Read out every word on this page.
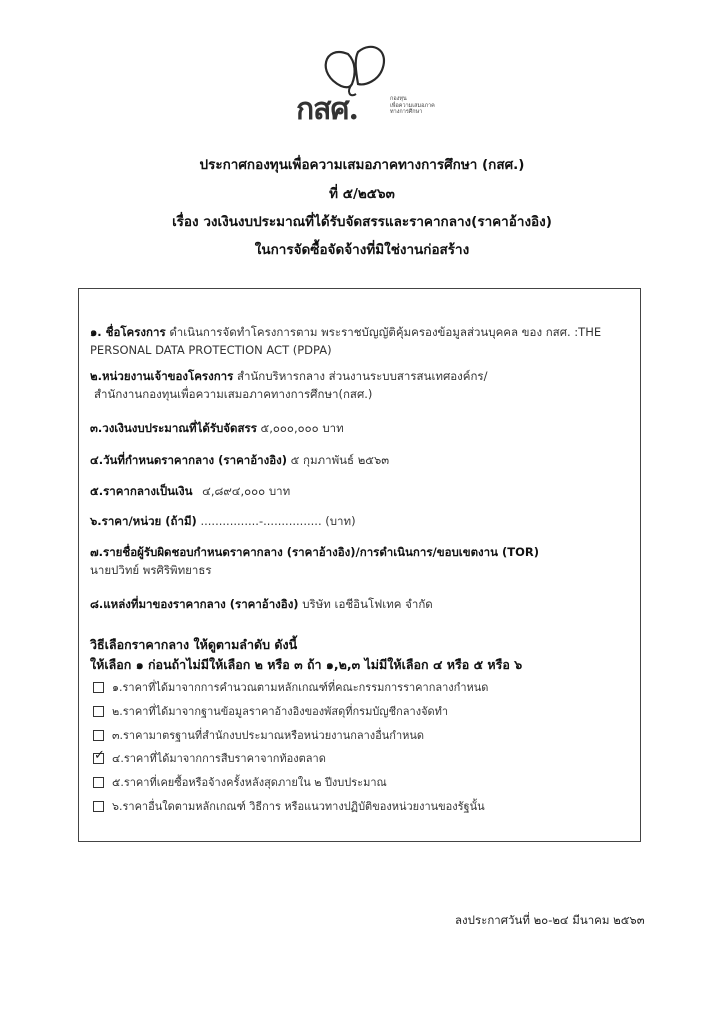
กสศ.	กองทุน
เพื่อความเสมอภาค
ทางการศึกษา
ประกาศกองทุนเพื่อความเสมอภาคทางการศึกษา (กสศ.)
ที่ ๕/๒๕๖๓
เรื่อง วงเงินงบประมาณที่ได้รับจัดสรรและราคากลาง(ราคาอ้างอิง)
ในการจัดซื้อจัดจ้างที่มิใช่งานก่อสร้าง
๑. ชื่อโครงการ ดำเนินการจัดทำโครงการตาม พระราชบัญญัติคุ้มครองข้อมูลส่วนบุคคล ของ กสศ. :THE
PERSONAL DATA PROTECTION ACT (PDPA)
๒.หน่วยงานเจ้าของโครงการ สำนักบริหารกลาง ส่วนงานระบบสารสนเทศองค์กร/
สำนักงานกองทุนเพื่อความเสมอภาคทางการศึกษา(กสศ.)
๓.วงเงินงบประมาณที่ได้รับจัดสรร ๕,๐๐๐,๐๐๐ บาท
๔.วันที่กำหนดราคากลาง (ราคาอ้างอิง) ๕ กุมภาพันธ์ ๒๕๖๓
๕.ราคากลางเป็นเงิน ๔,๘๙๔,๐๐๐ บาท
๖.ราคา/หน่วย (ถ้ามี) ................-................ (บาท)
๗.รายชื่อผู้รับผิดชอบกำหนดราคากลาง (ราคาอ้างอิง)/การดำเนินการ/ขอบเขตงาน (TOR)
นายปวิทย์ พรศิริพิทยาธร
๘.แหล่งที่มาของราคากลาง (ราคาอ้างอิง) บริษัท เอชีอินโฟเทค จำกัด
วิธีเลือกราคากลาง ให้ดูตามลำดับ ดังนี้
ให้เลือก ๑ ก่อนถ้าไม่มีให้เลือก ๒ หรือ ๓ ถ้า ๑,๒,๓ ไม่มีให้เลือก ๔ หรือ ๕ หรือ ๖
๑.ราคาที่ได้มาจากการคำนวณตามหลักเกณฑ์ที่คณะกรรมการราคากลางกำหนด
๒.ราคาที่ได้มาจากฐานข้อมูลราคาอ้างอิงของพัสดุที่กรมบัญชีกลางจัดทำ
๓.ราคามาตรฐานที่สำนักงบประมาณหรือหน่วยงานกลางอื่นกำหนด
✓ ๔.ราคาที่ได้มาจากการสืบราคาจากท้องตลาด
๕.ราคาที่เคยซื้อหรือจ้างครั้งหลังสุดภายใน ๒ ปีงบประมาณ
๖.ราคาอื่นใดตามหลักเกณฑ์ วิธีการ หรือแนวทางปฏิบัติของหน่วยงานของรัฐนั้น
ลงประกาศวันที่ ๒๐-๒๔ มีนาคม ๒๕๖๓
